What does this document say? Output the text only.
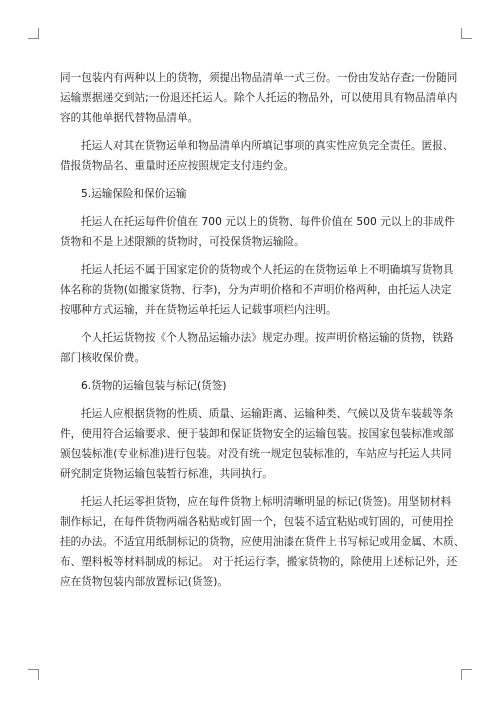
同一包装内有两种以上的货物，须提出物品清单一式三份。一份由发站存查;一份随同
运输票据递交到站;一份退还托运人。除个人托运的物品外，可以使用具有物品清单内
容的其他单据代替物品清单。
托运人对其在货物运单和物品清单内所填记事项的真实性应负完全责任。匿报、
借报货物品名、重量时还应按照规定支付违约金。
5.运输保险和保价运输
托运人在托运每件价值在 700 元以上的货物、每件价值在 500 元以上的非成件
货物和不是上述限额的货物时，可投保货物运输险。
托运人托运不属于国家定价的货物或个人托运的在货物运单上不明确填写货物具
体名称的货物(如搬家货物、行李)，分为声明价格和不声明价格两种，由托运人决定
按哪种方式运输，并在货物运单托运人记载事项栏内注明。
个人托运货物按《个人物品运输办法》规定办理。按声明价格运输的货物，铁路
部门核收保价费。
6.货物的运输包装与标记(货签)
托运人应根据货物的性质、质量、运输距离、运输种类、气候以及货车装载等条
件，使用符合运输要求、便于装卸和保证货物安全的运输包装。按国家包装标准或部
颁包装标准(专业标准)进行包装。对没有统一规定包装标准的，车站应与托运人共同
研究制定货物运输包装暂行标准，共同执行。
托运人托运零担货物，应在每件货物上标明清晰明显的标记(货签)。用坚韧材料
制作标记，在每件货物两端各粘贴或钉固一个，包装不适宜粘贴或钉固的，可使用拴
挂的办法。不适宜用纸制标记的货物，应使用油漆在货件上书写标记或用金属、木质、
布、塑料板等材料制成的标记。 对于托运行李，搬家货物的，除使用上述标记外，还
应在货物包装内部放置标记(货签)。
